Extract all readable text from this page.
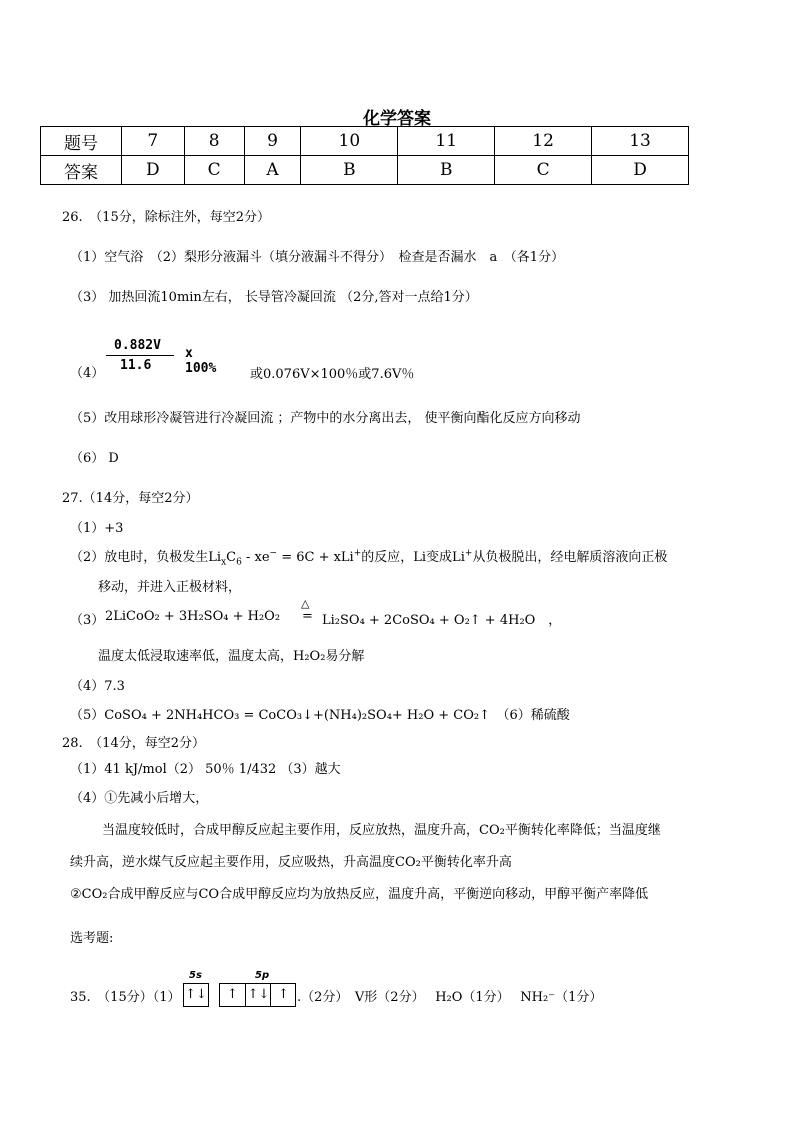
化学答案
题号	7	8	9	10	11	12	13
答案	D	C	A	B	B	C	D
26.　（15分，除标注外，每空2分）
（1）空气浴　（2）梨形分液漏斗（填分液漏斗不得分）　检查是否漏水　a　（各1分）
（3） 加热回流10min左右， 长导管冷凝回流 （2分,答对一点给1分）
（4）
0.882V
11.6
x 100%	或0.076V×100％或7.6V％
（5）改用球形冷凝管进行冷凝回流 ；产物中的水分离出去， 使平衡向酯化反应方向移动
（6） D
27.（14分，每空2分）
（1）+3
（2）放电时，负极发生$Li_xC_6 - xe^- = 6C + xLi^+$的反应，Li变成Li+从负极脱出，经电解质溶液向正极
移动，并进入正极材料，
（3） 2LiCoO₂ + 3H₂SO₄ + H₂O₂
△
= Li₂SO₄ + 2CoSO₄ + O₂↑ + 4H₂O　，
温度太低浸取速率低，温度太高，H₂O₂易分解
（4）7.3
（5）CoSO₄ + 2NH₄HCO₃ = CoCO₃↓+(NH₄)₂SO₄+ H₂O + CO₂↑　（6）稀硫酸
28.　（14分，每空2分）
（1）41 kJ/mol（2） 50％ 1/432 （3）越大
（4）①先减小后增大，
当温度较低时，合成甲醇反应起主要作用，反应放热，温度升高，CO₂平衡转化率降低；当温度继
续升高，逆水煤气反应起主要作用，反应吸热，升高温度CO₂平衡转化率升高
②CO₂合成甲醇反应与CO合成甲醇反应均为放热反应，温度升高，平衡逆向移动，甲醇平衡产率降低
选考题:
35.　（15分）（1）
5s	5p
↑↓	↑ ↑↓ ↑ .（2分）　V形（2分）　 H₂O（1分）　 NH₂⁻（1分）
